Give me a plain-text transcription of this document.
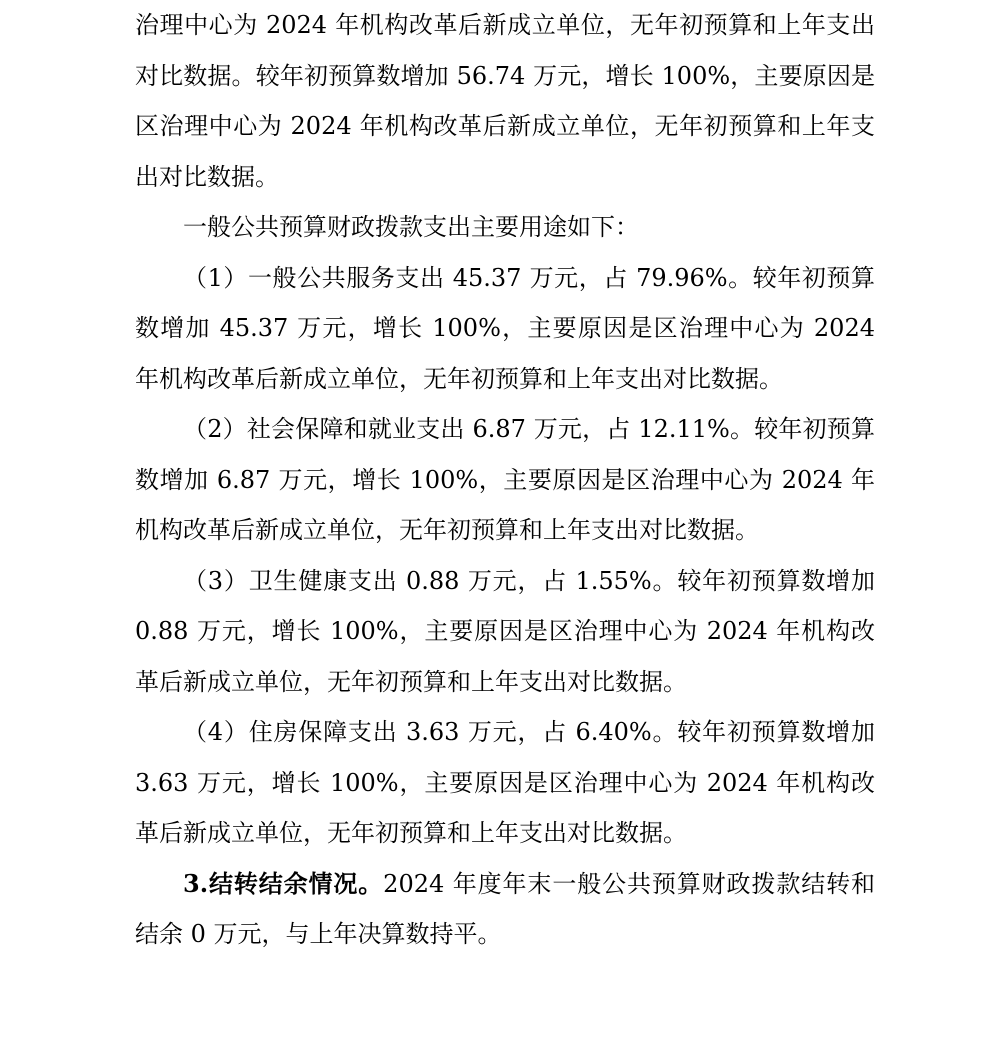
治理中心为 2024 年机构改革后新成立单位，无年初预算和上年支出对比数据。较年初预算数增加 56.74 万元，增长 100%，主要原因是区治理中心为 2024 年机构改革后新成立单位，无年初预算和上年支出对比数据。

一般公共预算财政拨款支出主要用途如下：

（1）一般公共服务支出 45.37 万元，占 79.96%。较年初预算数增加 45.37 万元，增长 100%，主要原因是区治理中心为 2024 年机构改革后新成立单位，无年初预算和上年支出对比数据。

（2）社会保障和就业支出 6.87 万元，占 12.11%。较年初预算数增加 6.87 万元，增长 100%，主要原因是区治理中心为 2024 年机构改革后新成立单位，无年初预算和上年支出对比数据。

（3）卫生健康支出 0.88 万元，占 1.55%。较年初预算数增加 0.88 万元，增长 100%，主要原因是区治理中心为 2024 年机构改革后新成立单位，无年初预算和上年支出对比数据。

（4）住房保障支出 3.63 万元，占 6.40%。较年初预算数增加 3.63 万元，增长 100%，主要原因是区治理中心为 2024 年机构改革后新成立单位，无年初预算和上年支出对比数据。

3.结转结余情况。2024 年度年末一般公共预算财政拨款结转和结余 0 万元，与上年决算数持平。
